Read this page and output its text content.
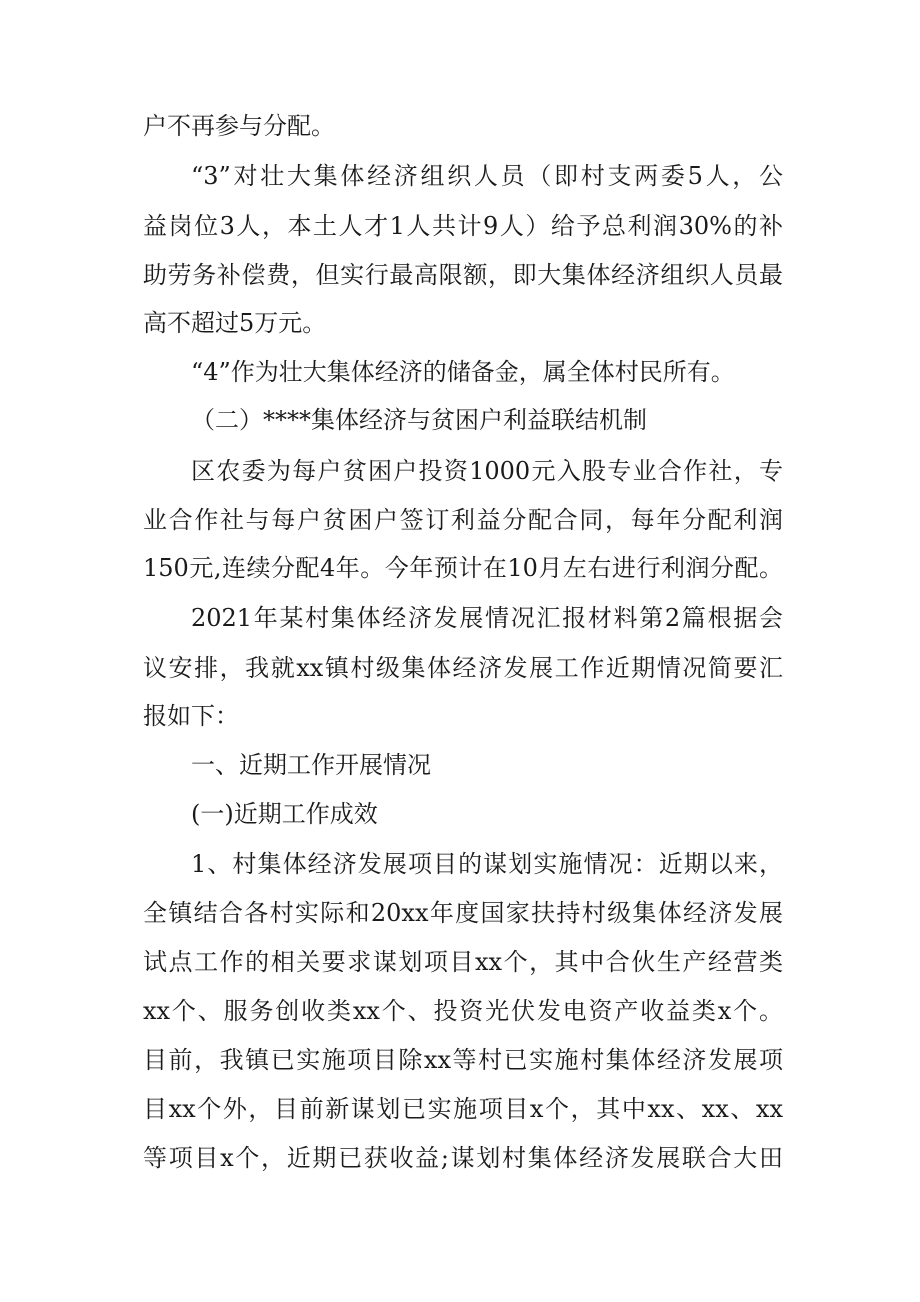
户不再参与分配。
“3”对壮大集体经济组织人员（即村支两委5人，公
益岗位3人，本土人才1人共计9人）给予总利润30%的补
助劳务补偿费，但实行最高限额，即大集体经济组织人员最
高不超过5万元。
“4”作为壮大集体经济的储备金，属全体村民所有。
（二）****集体经济与贫困户利益联结机制
区农委为每户贫困户投资1000元入股专业合作社，专
业合作社与每户贫困户签订利益分配合同，每年分配利润
150元,连续分配4年。今年预计在10月左右进行利润分配。
2021年某村集体经济发展情况汇报材料第2篇根据会
议安排，我就xx镇村级集体经济发展工作近期情况简要汇
报如下：
一、近期工作开展情况
(一)近期工作成效
1、村集体经济发展项目的谋划实施情况：近期以来，
全镇结合各村实际和20xx年度国家扶持村级集体经济发展
试点工作的相关要求谋划项目xx个，其中合伙生产经营类
xx个、服务创收类xx个、投资光伏发电资产收益类x个。
目前，我镇已实施项目除xx等村已实施村集体经济发展项
目xx个外，目前新谋划已实施项目x个，其中xx、xx、xx
等项目x个，近期已获收益;谋划村集体经济发展联合大田
